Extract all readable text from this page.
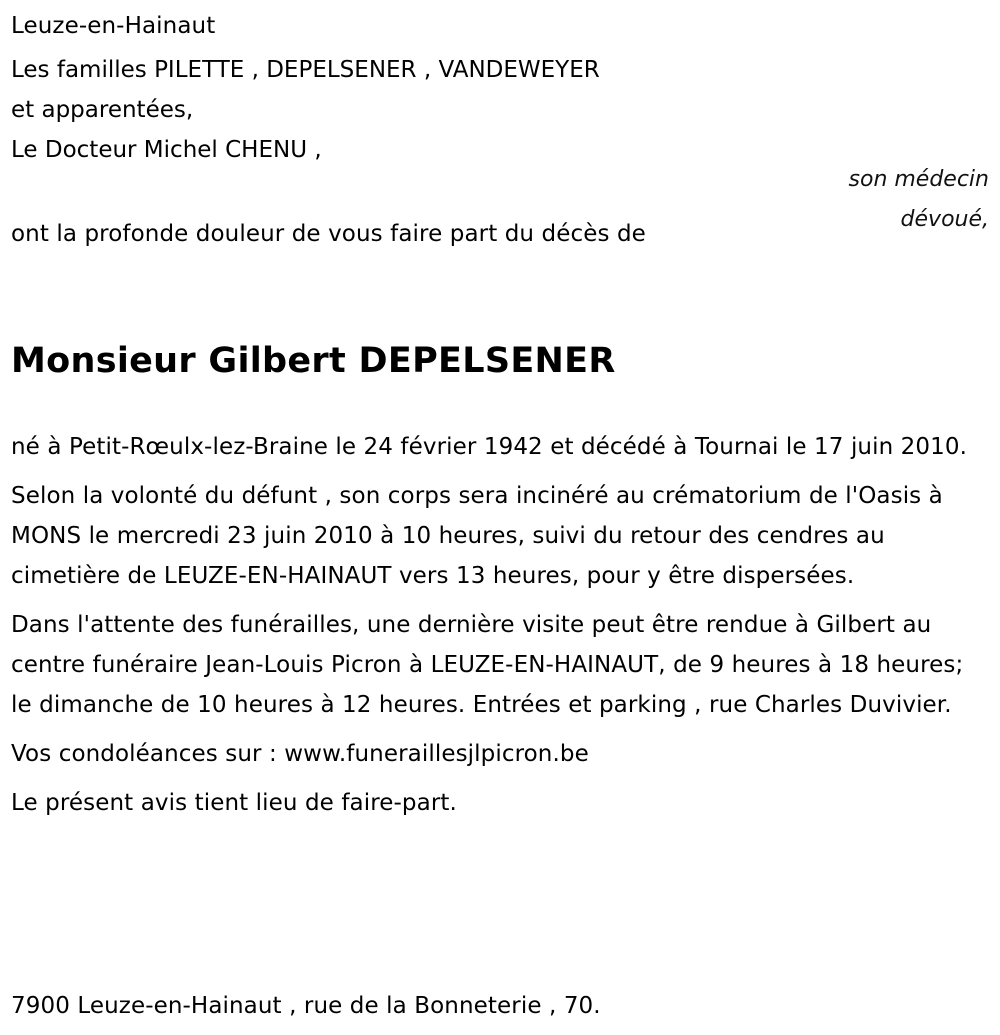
Leuze-en-Hainaut

Les familles PILETTE , DEPELSENER , VANDEWEYER
et apparentées,
Le Docteur Michel CHENU ,
son médecin
dévoué,

ont la profonde douleur de vous faire part du décès de

Monsieur Gilbert DEPELSENER

né à Petit-Rœulx-lez-Braine le 24 février 1942 et décédé à Tournai le 17 juin 2010.

Selon la volonté du défunt , son corps sera incinéré au crématorium de l'Oasis à MONS le mercredi 23 juin 2010 à 10 heures, suivi du retour des cendres au cimetière de LEUZE-EN-HAINAUT vers 13 heures, pour y être dispersées.

Dans l'attente des funérailles, une dernière visite peut être rendue à Gilbert au centre funéraire Jean-Louis Picron à LEUZE-EN-HAINAUT, de 9 heures à 18 heures; le dimanche de 10 heures à 12 heures. Entrées et parking , rue Charles Duvivier.

Vos condoléances sur : www.funeraillesjlpicron.be

Le présent avis tient lieu de faire-part.

7900 Leuze-en-Hainaut , rue de la Bonneterie , 70.
